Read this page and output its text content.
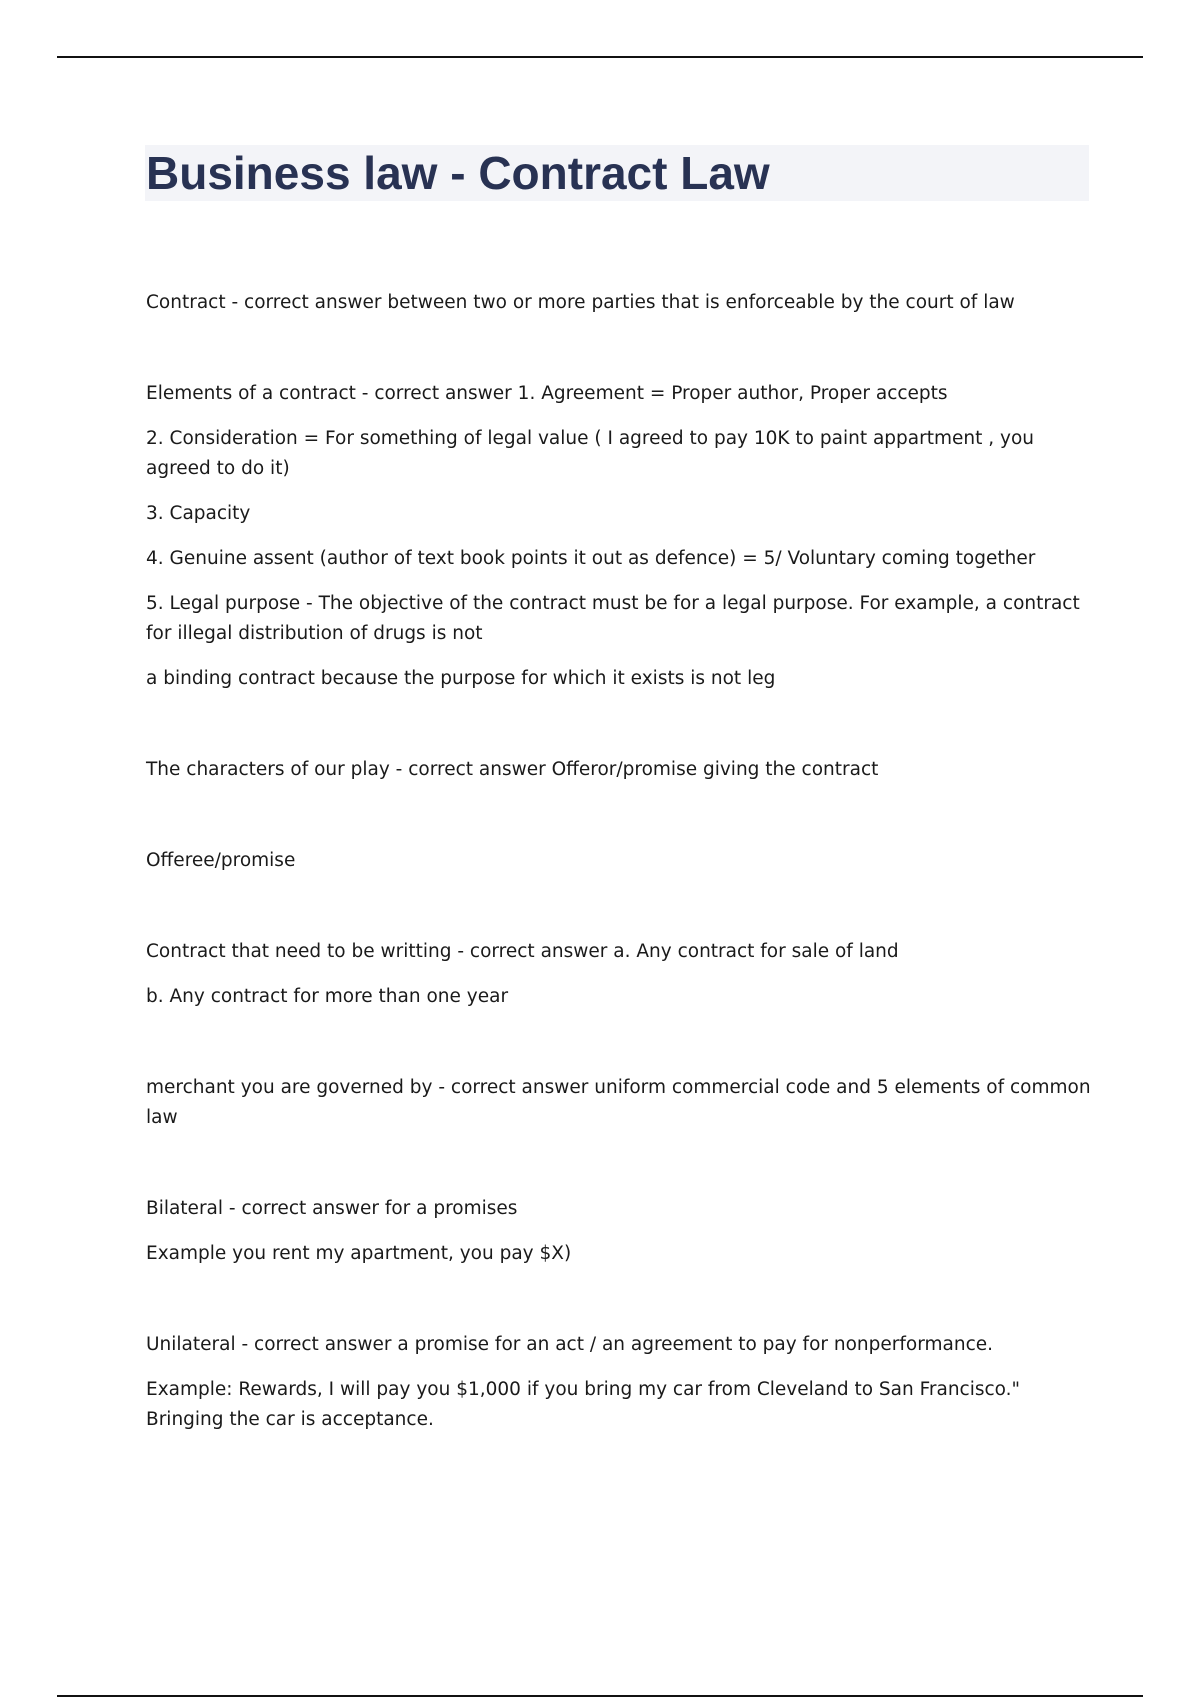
Business law - Contract Law

Contract - correct answer between two or more parties that is enforceable by the court of law

Elements of a contract - correct answer 1. Agreement = Proper author, Proper accepts

2. Consideration = For something of legal value ( I agreed to pay 10K to paint appartment , you agreed to do it)

3. Capacity

4. Genuine assent (author of text book points it out as defence) = 5/ Voluntary coming together

5. Legal purpose - The objective of the contract must be for a legal purpose. For example, a contract for illegal distribution of drugs is not

a binding contract because the purpose for which it exists is not leg

The characters of our play - correct answer Offeror/promise giving the contract

Offeree/promise

Contract that need to be writting - correct answer a. Any contract for sale of land

b. Any contract for more than one year

merchant you are governed by - correct answer uniform commercial code and 5 elements of common law

Bilateral - correct answer for a promises

Example you rent my apartment, you pay $X)

Unilateral - correct answer a promise for an act / an agreement to pay for nonperformance.

Example: Rewards, I will pay you $1,000 if you bring my car from Cleveland to San Francisco." Bringing the car is acceptance.
